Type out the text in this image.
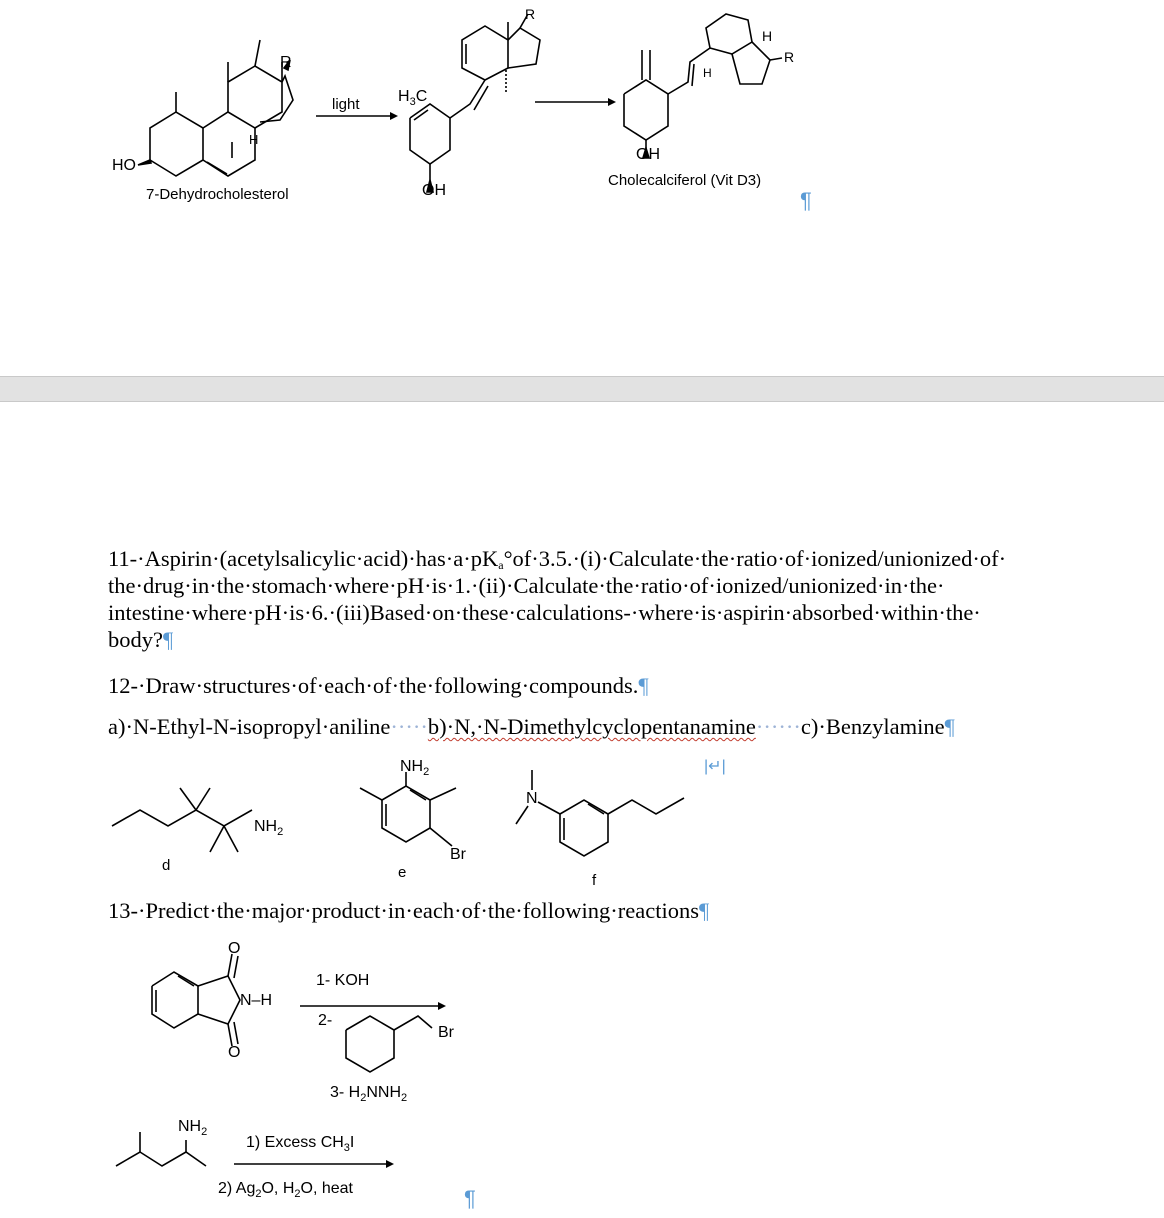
R
H
HO
7-Dehydrocholesterol
light $H_3C$
R
OH
H
H
R
OH
Cholecalciferol (Vit D3)
¶
11-·Aspirin·(acetylsalicylic·acid)·has·a·pKa°of·3.5.·(i)·Calculate·the·ratio·of·ionized/unionized·of·
the·drug·in·the·stomach·where·pH·is·1.·(ii)·Calculate·the·ratio·of·ionized/unionized·in·the·
intestine·where·pH·is·6.·(iii)Based·on·these·calculations-·where·is·aspirin·absorbed·within·the·
body?¶
12-·Draw·structures·of·each·of·the·following·compounds.¶
a)·N-Ethyl-N-isopropyl·aniline·····b)·N,·N-Dimethylcyclopentanamine······c)·Benzylamine¶
|↵|
$NH_2$
d
$NH_2$
Br
e
N
f
13-·Predict·the·major·product·in·each·of·the·following·reactions¶
O
O
N–H
1- KOH
2-
Br
3- $H_2NNH_2$
$NH_2$
1) Excess $CH_3I$
2) $Ag_2O$, $H_2O$, heat	¶
